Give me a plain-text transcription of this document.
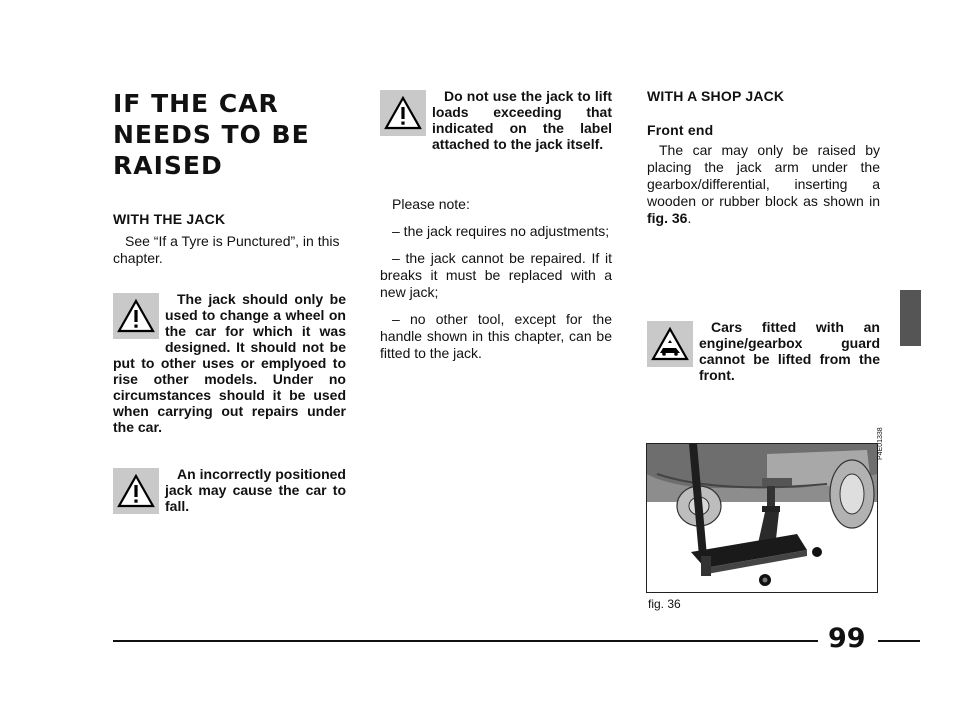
IF THE CAR
NEEDS TO BE
RAISED
WITH THE JACK

See “If a Tyre is Punctured”, in this chapter.

The jack should only be used to change a wheel on the car for which it was designed. It should not be put to other uses or emplyoed to rise other models. Under no circumstances should it be used when carrying out repairs under the car.

An incorrectly positioned jack may cause the car to fall.

Do not use the jack to lift loads exceeding that indicated on the label attached to the jack itself.

Please note:

– the jack requires no adjustments;

– the jack cannot be repaired. If it breaks it must be replaced with a new jack;

– no other tool, except for the handle shown in this chapter, can be fitted to the jack.

WITH A SHOP JACK
Front end

The car may only be raised by placing the jack arm under the gearbox/differential, inserting a wooden or rubber block as shown in fig. 36.

Cars fitted with an engine/gearbox guard cannot be lifted from the front.

P4E01338
fig. 36
99
